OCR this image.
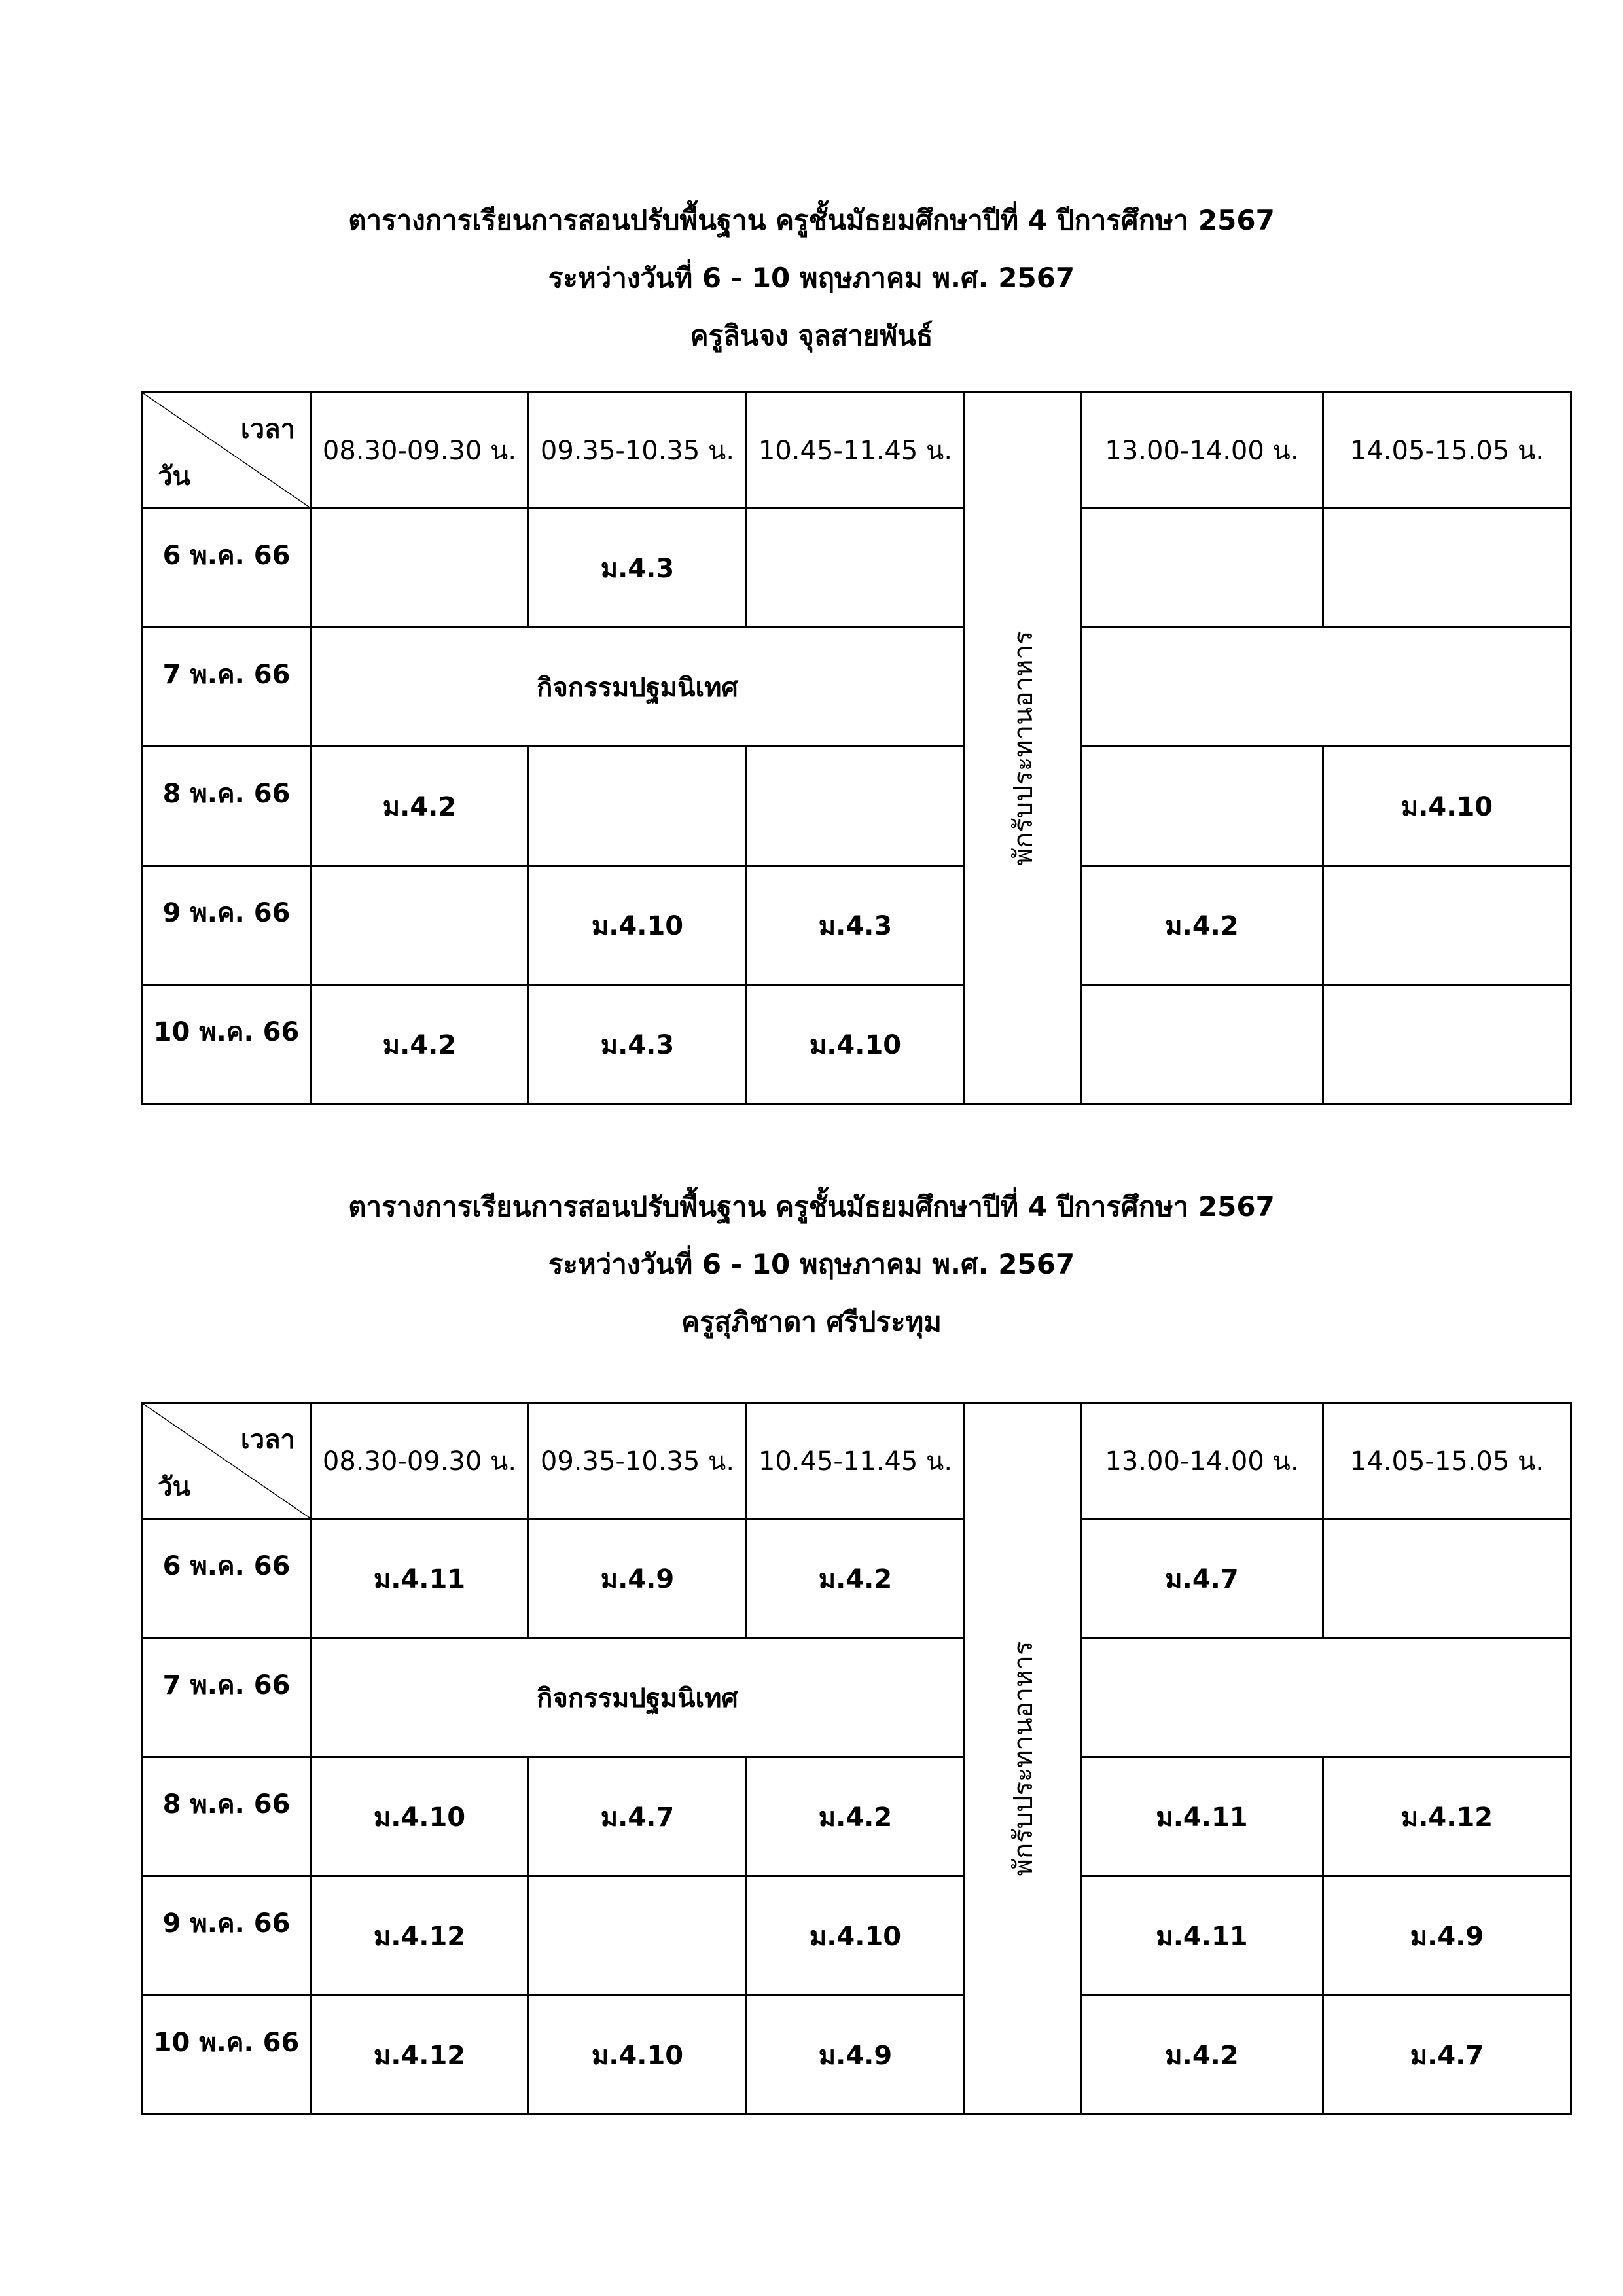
ตารางการเรียนการสอนปรับพื้นฐาน ครูชั้นมัธยมศึกษาปีที่ 4 ปีการศึกษา 2567
ระหว่างวันที่ 6 - 10 พฤษภาคม พ.ศ. 2567
ครูลินจง จุลสายพันธ์
เวลา
วัน	08.30-09.30 น.	09.35-10.35 น.	10.45-11.45 น.	พักรับประทานอาหาร	13.00-14.00 น.	14.05-15.05 น.
6 พ.ค. 66		ม.4.3				
7 พ.ค. 66	กิจกรรมปฐมนิเทศ					
8 พ.ค. 66	ม.4.2					ม.4.10
9 พ.ค. 66		ม.4.10	ม.4.3		ม.4.2	
10 พ.ค. 66	ม.4.2	ม.4.3	ม.4.10			
ตารางการเรียนการสอนปรับพื้นฐาน ครูชั้นมัธยมศึกษาปีที่ 4 ปีการศึกษา 2567
ระหว่างวันที่ 6 - 10 พฤษภาคม พ.ศ. 2567
ครูสุภิชาดา ศรีประทุม
เวลา
วัน	08.30-09.30 น.	09.35-10.35 น.	10.45-11.45 น.	พักรับประทานอาหาร	13.00-14.00 น.	14.05-15.05 น.
6 พ.ค. 66	ม.4.11	ม.4.9	ม.4.2		ม.4.7	
7 พ.ค. 66	กิจกรรมปฐมนิเทศ					
8 พ.ค. 66	ม.4.10	ม.4.7	ม.4.2		ม.4.11	ม.4.12
9 พ.ค. 66	ม.4.12		ม.4.10		ม.4.11	ม.4.9
10 พ.ค. 66	ม.4.12	ม.4.10	ม.4.9		ม.4.2	ม.4.7
